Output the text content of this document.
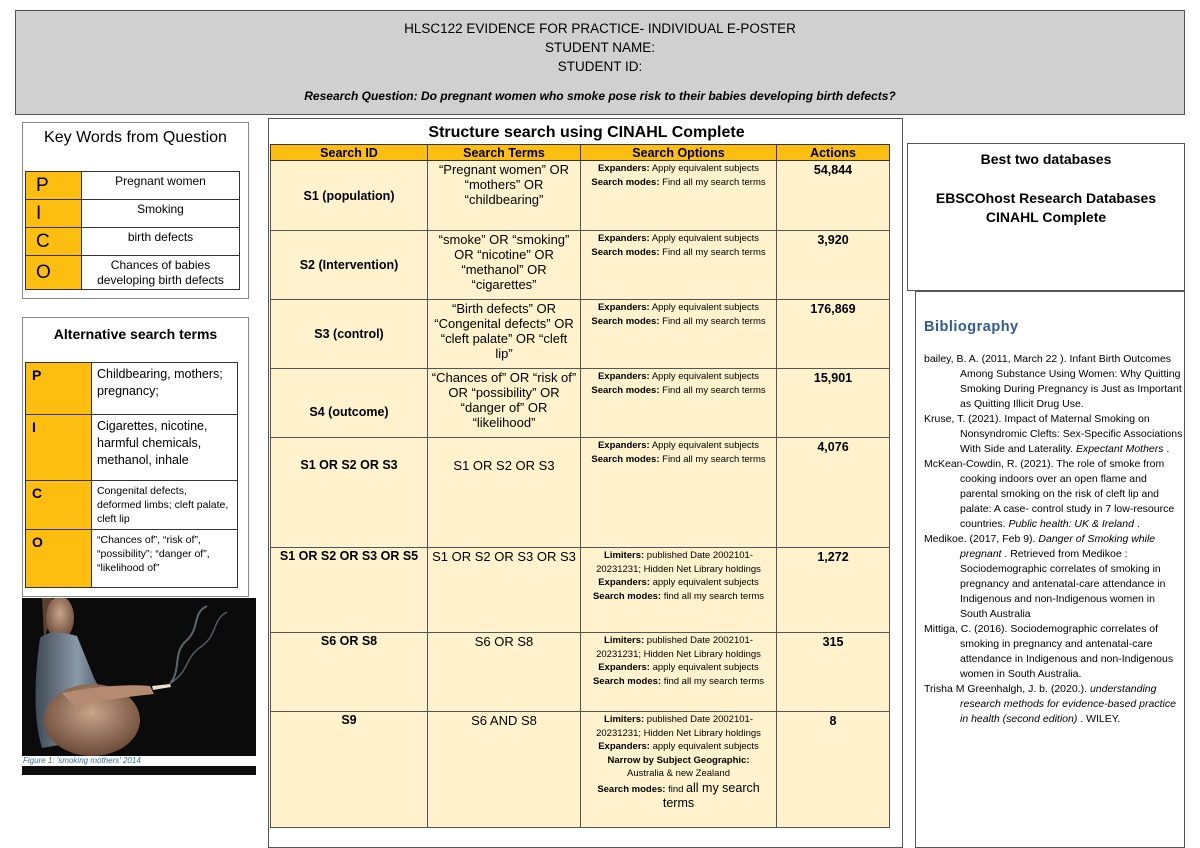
HLSC122 EVIDENCE FOR PRACTICE- INDIVIDUAL E-POSTER
STUDENT NAME:
STUDENT ID:
Research Question: Do pregnant women who smoke pose risk to their babies developing birth defects?
Key Words from Question
P	Pregnant women
I	Smoking
C	birth defects
O	Chances of babies developing birth defects
Alternative search terms
P	Childbearing, mothers; pregnancy;
I	Cigarettes, nicotine, harmful chemicals, methanol, inhale
C	Congenital defects, deformed limbs; cleft palate, cleft lip
O	“Chances of”, “risk of”, “possibility”; “danger of”, “likelihood of”
Figure 1: 'smoking mothers' 2014
Structure search using CINAHL Complete
Search ID	Search Terms	Search Options	Actions
S1 (population)	“Pregnant women” OR “mothers” OR “childbearing”	Expanders: Apply equivalent subjects
Search modes: Find all my search terms	54,844
S2 (Intervention)	“smoke” OR “smoking” OR “nicotine” OR “methanol” OR “cigarettes”	Expanders: Apply equivalent subjects
Search modes: Find all my search terms	3,920
S3 (control)	“Birth defects” OR “Congenital defects” OR “cleft palate” OR “cleft lip”	Expanders: Apply equivalent subjects
Search modes: Find all my search terms	176,869
S4 (outcome)	“Chances of” OR “risk of” OR “possibility” OR “danger of” OR “likelihood”	Expanders: Apply equivalent subjects
Search modes: Find all my search terms	15,901
S1 OR S2 OR S3	S1 OR S2 OR S3	Expanders: Apply equivalent subjects
Search modes: Find all my search terms	4,076
S1 OR S2 OR S3 OR S5	S1 OR S2 OR S3 OR S3	Limiters: published Date 2002101-20231231; Hidden Net Library holdings
Expanders: apply equivalent subjects
Search modes: find all my search terms	1,272
S6 OR S8	S6 OR S8	Limiters: published Date 2002101-20231231; Hidden Net Library holdings
Expanders: apply equivalent subjects
Search modes: find all my search terms	315
S9	S6 AND S8	Limiters: published Date 2002101-20231231; Hidden Net Library holdings
Expanders: apply equivalent subjects
Narrow by Subject Geographic:
Australia & new Zealand
Search modes: find all my search terms	8
Best two databases
EBSCOhost Research Databases
CINAHL Complete
Bibliography
bailey, B. A. (2011, March 22 ). Infant Birth Outcomes Among Substance Using Women: Why Quitting Smoking During Pregnancy is Just as Important as Quitting Illicit Drug Use.
Kruse, T. (2021). Impact of Maternal Smoking on Nonsyndromic Clefts: Sex-Specific Associations With Side and Laterality. Expectant Mothers .
McKean-Cowdin, R. (2021). The role of smoke from cooking indoors over an open flame and parental smoking on the risk of cleft lip and palate: A case- control study in 7 low-resource countries. Public health: UK & Ireland .
Medikoe. (2017, Feb 9). Danger of Smoking while pregnant . Retrieved from Medikoe : Sociodemographic correlates of smoking in pregnancy and antenatal-care attendance in Indigenous and non-Indigenous women in South Australia
Mittiga, C. (2016). Sociodemographic correlates of smoking in pregnancy and antenatal-care attendance in Indigenous and non-Indigenous women in South Australia.
Trisha M Greenhalgh, J. b. (2020.). understanding research methods for evidence-based practice in health (second edition) . WILEY.
